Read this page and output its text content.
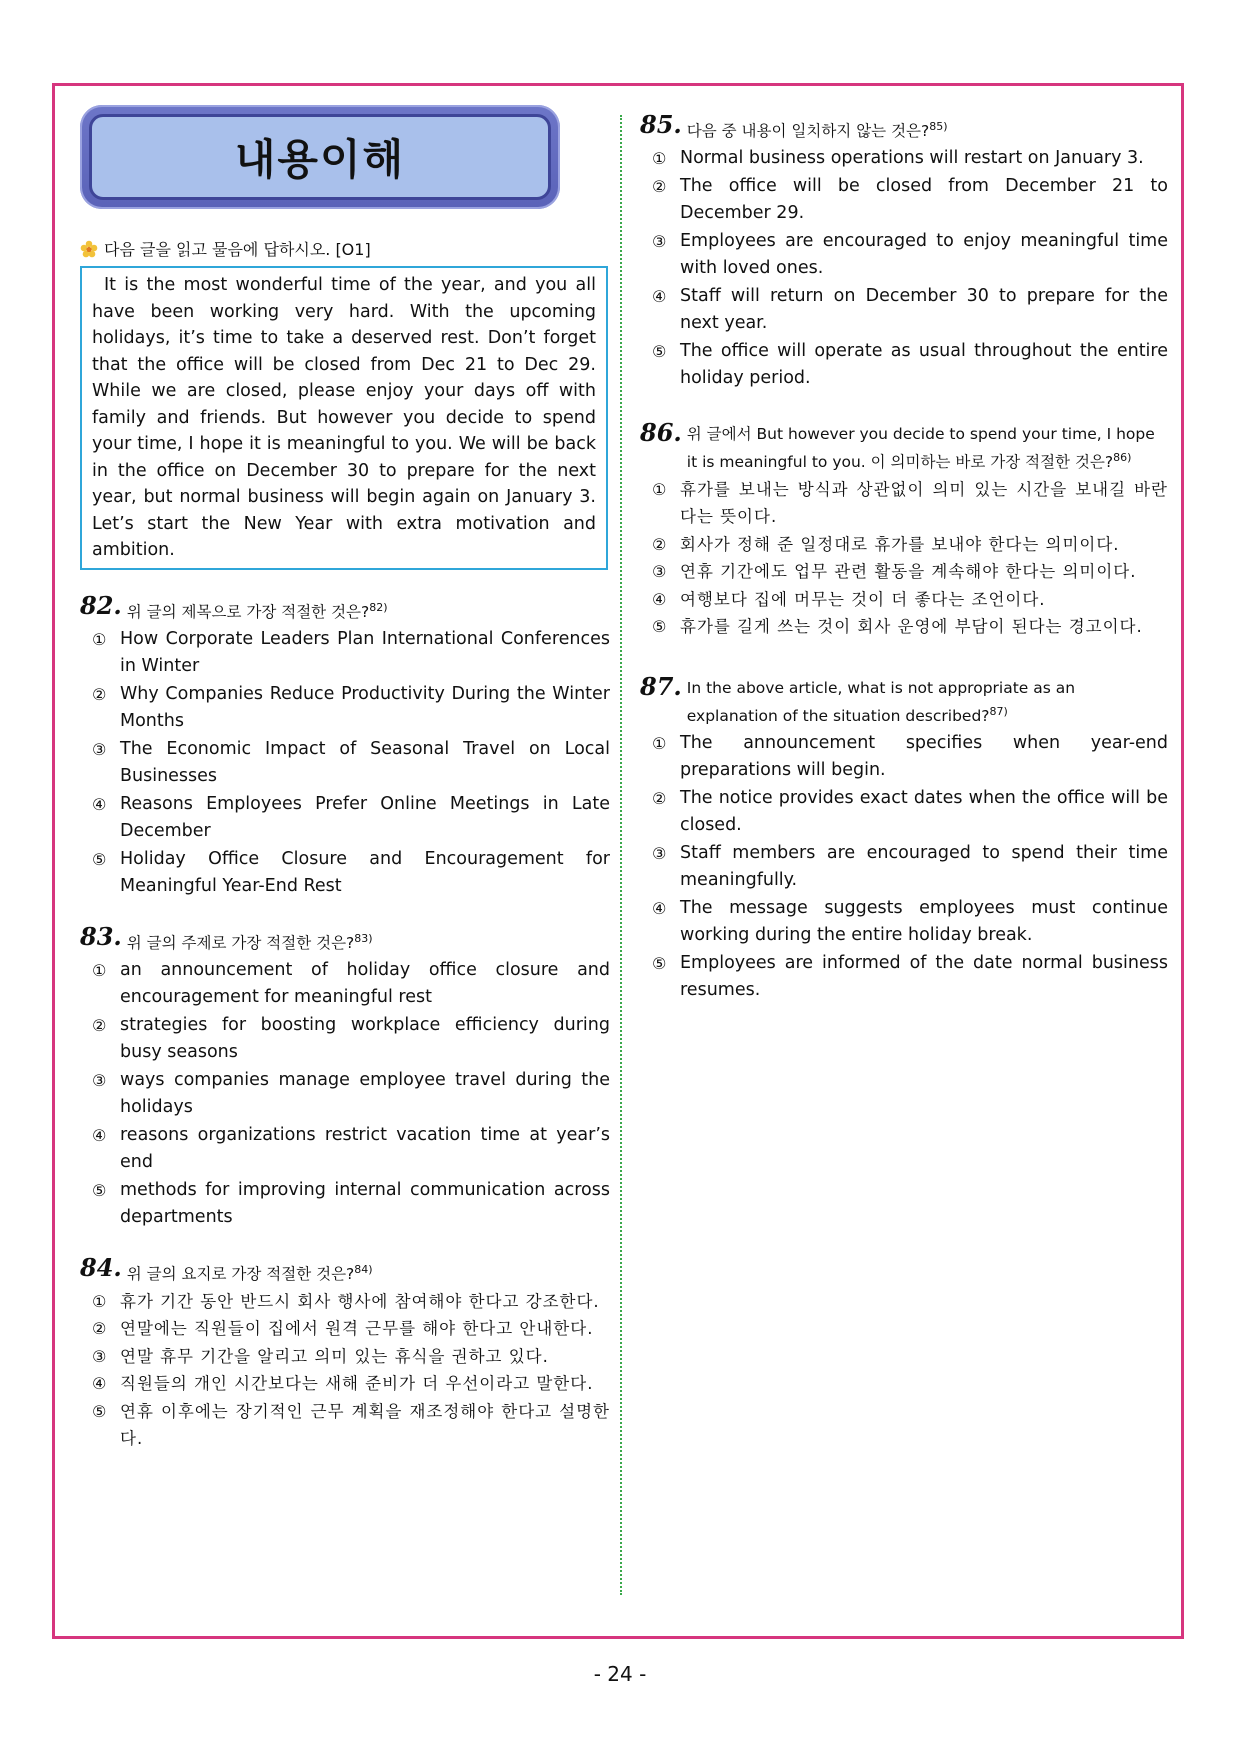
내용이해
다음 글을 읽고 물음에 답하시오. [O1]
It is the most wonderful time of the year, and you all have been working very hard. With the upcoming holidays, it’s time to take a deserved rest. Don’t forget that the office will be closed from Dec 21 to Dec 29. While we are closed, please enjoy your days off with family and friends. But however you decide to spend your time, I hope it is meaningful to you. We will be back in the office on December 30 to prepare for the next year, but normal business will begin again on January 3. Let’s start the New Year with extra motivation and ambition.
82. 위 글의 제목으로 가장 적절한 것은?$^{82)}$
① How Corporate Leaders Plan International Conferences in Winter
② Why Companies Reduce Productivity During the Winter Months
③ The Economic Impact of Seasonal Travel on Local Businesses
④ Reasons Employees Prefer Online Meetings in Late December
⑤ Holiday Office Closure and Encouragement for Meaningful Year-End Rest
83. 위 글의 주제로 가장 적절한 것은?$^{83)}$
① an announcement of holiday office closure and encouragement for meaningful rest
② strategies for boosting workplace efficiency during busy seasons
③ ways companies manage employee travel during the holidays
④ reasons organizations restrict vacation time at year’s end
⑤ methods for improving internal communication across departments
84. 위 글의 요지로 가장 적절한 것은?$^{84)}$
① 휴가 기간 동안 반드시 회사 행사에 참여해야 한다고 강조한다.
② 연말에는 직원들이 집에서 원격 근무를 해야 한다고 안내한다.
③ 연말 휴무 기간을 알리고 의미 있는 휴식을 권하고 있다.
④ 직원들의 개인 시간보다는 새해 준비가 더 우선이라고 말한다.
⑤ 연휴 이후에는 장기적인 근무 계획을 재조정해야 한다고 설명한다.
85. 다음 중 내용이 일치하지 않는 것은?$^{85)}$
① Normal business operations will restart on January 3.
② The office will be closed from December 21 to December 29.
③ Employees are encouraged to enjoy meaningful time with loved ones.
④ Staff will return on December 30 to prepare for the next year.
⑤ The office will operate as usual throughout the entire holiday period.
86. 위 글에서 But however you decide to spend your time, I hope it is meaningful to you. 이 의미하는 바로 가장 적절한 것은?$^{86)}$
① 휴가를 보내는 방식과 상관없이 의미 있는 시간을 보내길 바란다는 뜻이다.
② 회사가 정해 준 일정대로 휴가를 보내야 한다는 의미이다.
③ 연휴 기간에도 업무 관련 활동을 계속해야 한다는 의미이다.
④ 여행보다 집에 머무는 것이 더 좋다는 조언이다.
⑤ 휴가를 길게 쓰는 것이 회사 운영에 부담이 된다는 경고이다.
87. In the above article, what is not appropriate as an explanation of the situation described?$^{87)}$
① The announcement specifies when year-end preparations will begin.
② The notice provides exact dates when the office will be closed.
③ Staff members are encouraged to spend their time meaningfully.
④ The message suggests employees must continue working during the entire holiday break.
⑤ Employees are informed of the date normal business resumes.
- 24 -
